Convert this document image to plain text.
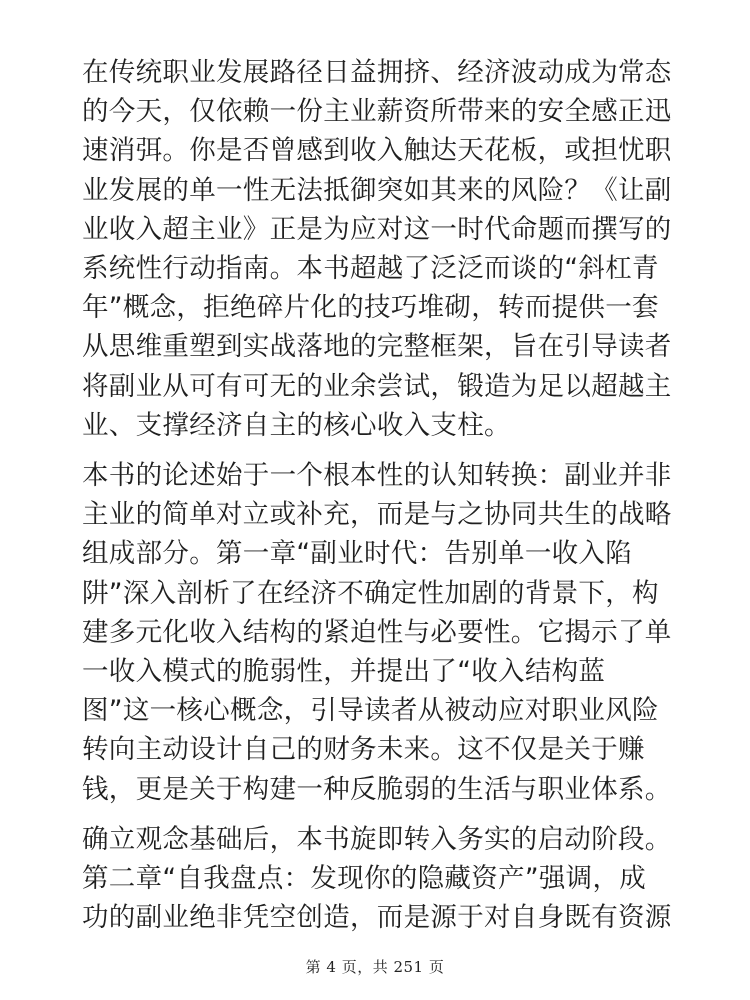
在传统职业发展路径日益拥挤、经济波动成为常态
的今天，仅依赖一份主业薪资所带来的安全感正迅
速消弭。你是否曾感到收入触达天花板，或担忧职
业发展的单一性无法抵御突如其来的风险？《让副
业收入超主业》正是为应对这一时代命题而撰写的
系统性行动指南。本书超越了泛泛而谈的“斜杠青
年”概念，拒绝碎片化的技巧堆砌，转而提供一套
从思维重塑到实战落地的完整框架，旨在引导读者
将副业从可有可无的业余尝试，锻造为足以超越主
业、支撑经济自主的核心收入支柱。

本书的论述始于一个根本性的认知转换：副业并非
主业的简单对立或补充，而是与之协同共生的战略
组成部分。第一章“副业时代：告别单一收入陷
阱”深入剖析了在经济不确定性加剧的背景下，构
建多元化收入结构的紧迫性与必要性。它揭示了单
一收入模式的脆弱性，并提出了“收入结构蓝
图”这一核心概念，引导读者从被动应对职业风险
转向主动设计自己的财务未来。这不仅是关于赚
钱，更是关于构建一种反脆弱的生活与职业体系。

确立观念基础后，本书旋即转入务实的启动阶段。
第二章“自我盘点：发现你的隐藏资产”强调，成
功的副业绝非凭空创造，而是源于对自身既有资源

第 4 页，共 251 页
